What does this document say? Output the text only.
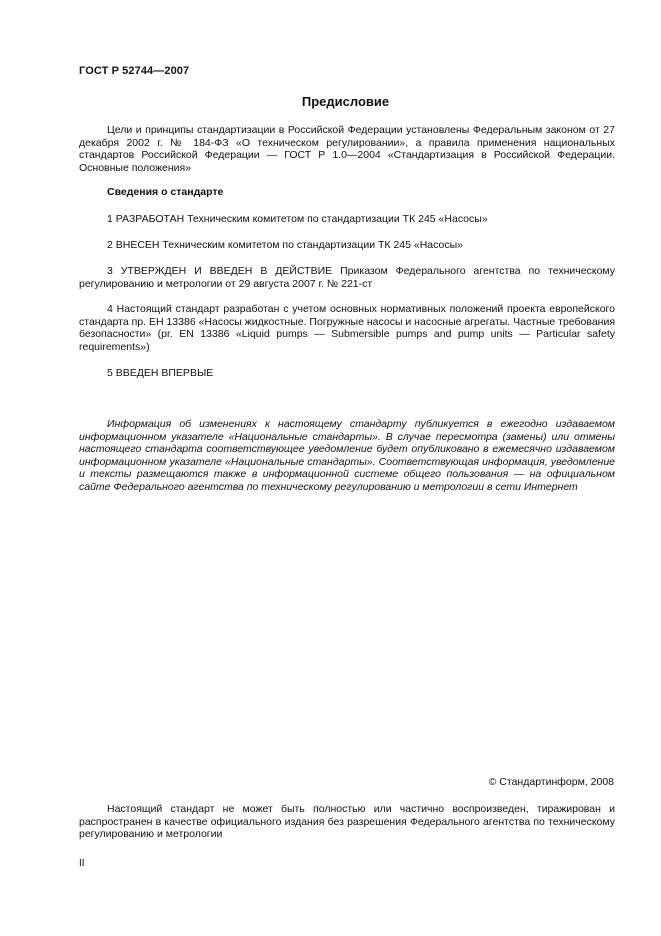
ГОСТ Р 52744—2007
Предисловие

Цели и принципы стандартизации в Российской Федерации установлены Федеральным законом от 27 декабря 2002 г. № 184-ФЗ «О техническом регулировании», а правила применения национальных стандартов Российской Федерации — ГОСТ Р 1.0—2004 «Стандартизация в Российской Федерации. Основные положения»

Сведения о стандарте

1 РАЗРАБОТАН Техническим комитетом по стандартизации ТК 245 «Насосы»

2 ВНЕСЕН Техническим комитетом по стандартизации ТК 245 «Насосы»

3 УТВЕРЖДЕН И ВВЕДЕН В ДЕЙСТВИЕ Приказом Федерального агентства по техническому регулированию и метрологии от 29 августа 2007 г. № 221-ст

4 Настоящий стандарт разработан с учетом основных нормативных положений проекта европейского стандарта пр. ЕН 13386 «Насосы жидкостные. Погружные насосы и насосные агрегаты. Частные требования безопасности» (pr. EN 13386 «Liquid pumps — Submersible pumps and pump units — Particular safety requirements»)

5 ВВЕДЕН ВПЕРВЫЕ

Информация об изменениях к настоящему стандарту публикуется в ежегодно издаваемом информационном указателе «Национальные стандарты». В случае пересмотра (замены) или отмены настоящего стандарта соответствующее уведомление будет опубликовано в ежемесячно издаваемом информационном указателе «Национальные стандарты». Соответствующая информация, уведомление и тексты размещаются также в информационной системе общего пользования — на официальном сайте Федерального агентства по техническому регулированию и метрологии в сети Интернет

© Стандартинформ, 2008

Настоящий стандарт не может быть полностью или частично воспроизведен, тиражирован и распространен в качестве официального издания без разрешения Федерального агентства по техническому регулированию и метрологии

II
